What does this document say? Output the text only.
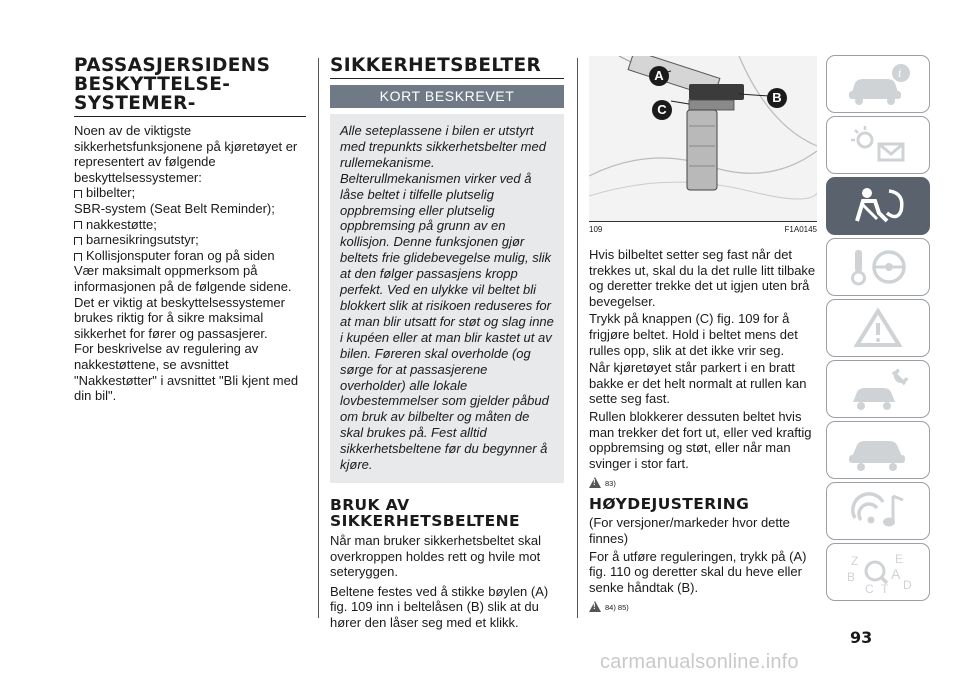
PASSASJERSIDENS
BESKYTTELSE-
SYSTEMER-
Noen av de viktigste sikkerhetsfunksjonene på kjøretøyet er representert av følgende beskyttelsessystemer:
bilbelter;
SBR-system (Seat Belt Reminder);
nakkestøtte;
barnesikringsutstyr;
Kollisjonsputer foran og på siden
Vær maksimalt oppmerksom på informasjonen på de følgende sidene. Det er viktig at beskyttelsessystemer brukes riktig for å sikre maksimal sikkerhet for fører og passasjerer.
For beskrivelse av regulering av nakkestøttene, se avsnittet "Nakkestøtter" i avsnittet "Bli kjent med din bil".
SIKKERHETSBELTER
KORT BESKREVET
Alle seteplassene i bilen er utstyrt med trepunkts sikkerhetsbelter med rullemekanisme. Belterullmekanismen virker ved å låse beltet i tilfelle plutselig oppbremsing eller plutselig oppbremsing på grunn av en kollisjon. Denne funksjonen gjør beltets frie glidebevegelse mulig, slik at den følger passasjens kropp perfekt. Ved en ulykke vil beltet bli blokkert slik at risikoen reduseres for at man blir utsatt for støt og slag inne i kupéen eller at man blir kastet ut av bilen. Føreren skal overholde (og sørge for at passasjerene overholder) alle lokale lovbestemmelser som gjelder påbud om bruk av bilbelter og måten de skal brukes på. Fest alltid sikkerhetsbeltene før du begynner å kjøre.
BRUK AV
SIKKERHETSBELTENE
Når man bruker sikkerhetsbeltet skal overkroppen holdes rett og hvile mot seteryggen.
Beltene festes ved å stikke bøylen (A) fig. 109 inn i beltelåsen (B) slik at du hører den låser seg med et klikk.
A
B
C
109	F1A0145
Hvis bilbeltet setter seg fast når det trekkes ut, skal du la det rulle litt tilbake og deretter trekke det ut igjen uten brå bevegelser.
Trykk på knappen (C) fig. 109 for å frigjøre beltet. Hold i beltet mens det rulles opp, slik at det ikke vrir seg.
Når kjøretøyet står parkert i en bratt bakke er det helt normalt at rullen kan sette seg fast.
Rullen blokkerer dessuten beltet hvis man trekker det fort ut, eller ved kraftig oppbremsing og støt, eller når man svinger i stor fart.
!
83)
HØYDEJUSTERING
(For versjoner/markeder hvor dette finnes)
For å utføre reguleringen, trykk på (A) fig. 110 og deretter skal du heve eller senke håndtak (B).
!
84) 85)
i
Z	E
B	A
C T D
93
carmanualsonline.info
